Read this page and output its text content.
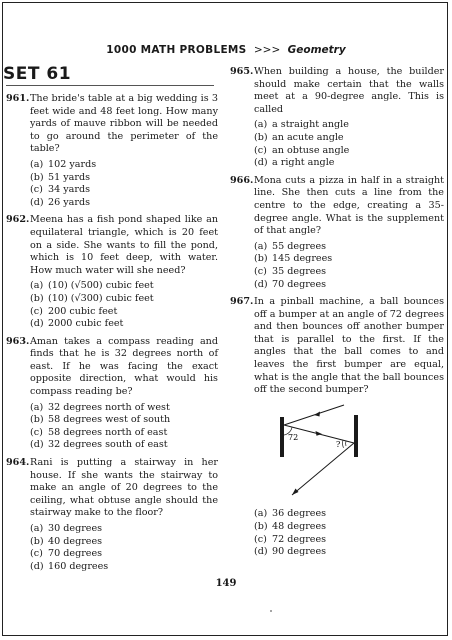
1000 MATH PROBLEMS >>> Geometry
SET 61
961. The bride's table at a big wedding is 3 feet wide and 48 feet long. How many yards of mauve ribbon will be needed to go around the perimeter of the table?
(a) 102 yards
(b) 51 yards
(c) 34 yards
(d) 26 yards
962. Meena has a fish pond shaped like an equilateral triangle, which is 20 feet on a side. She wants to fill the pond, which is 10 feet deep, with water. How much water will she need?
(a) (10) (√500) cubic feet
(b) (10) (√300) cubic feet
(c) 200 cubic feet
(d) 2000 cubic feet
963. Aman takes a compass reading and finds that he is 32 degrees north of east. If he was facing the exact opposite direction, what would his compass reading be?
(a) 32 degrees north of west
(b) 58 degrees west of south
(c) 58 degrees north of east
(d) 32 degrees south of east
964. Rani is putting a stairway in her house. If she wants the stairway to make an angle of 20 degrees to the ceiling, what obtuse angle should the stairway make to the floor?
(a) 30 degrees
(b) 40 degrees
(c) 70 degrees
(d) 160 degrees
965. When building a house, the builder should make certain that the walls meet at a 90-degree angle. This is called
(a) a straight angle
(b) an acute angle
(c) an obtuse angle
(d) a right angle
966. Mona cuts a pizza in half in a straight line. She then cuts a line from the centre to the edge, creating a 35-degree angle. What is the supplement of that angle?
(a) 55 degrees
(b) 145 degrees
(c) 35 degrees
(d) 70 degrees
967. In a pinball machine, a ball bounces off a bumper at an angle of 72 degrees and then bounces off another bumper that is parallel to the first. If the angles that the ball comes to and leaves the first bumper are equal, what is the angle that the ball bounces off the second bumper?
72
?
(a) 36 degrees
(b) 48 degrees
(c) 72 degrees
(d) 90 degrees
149
